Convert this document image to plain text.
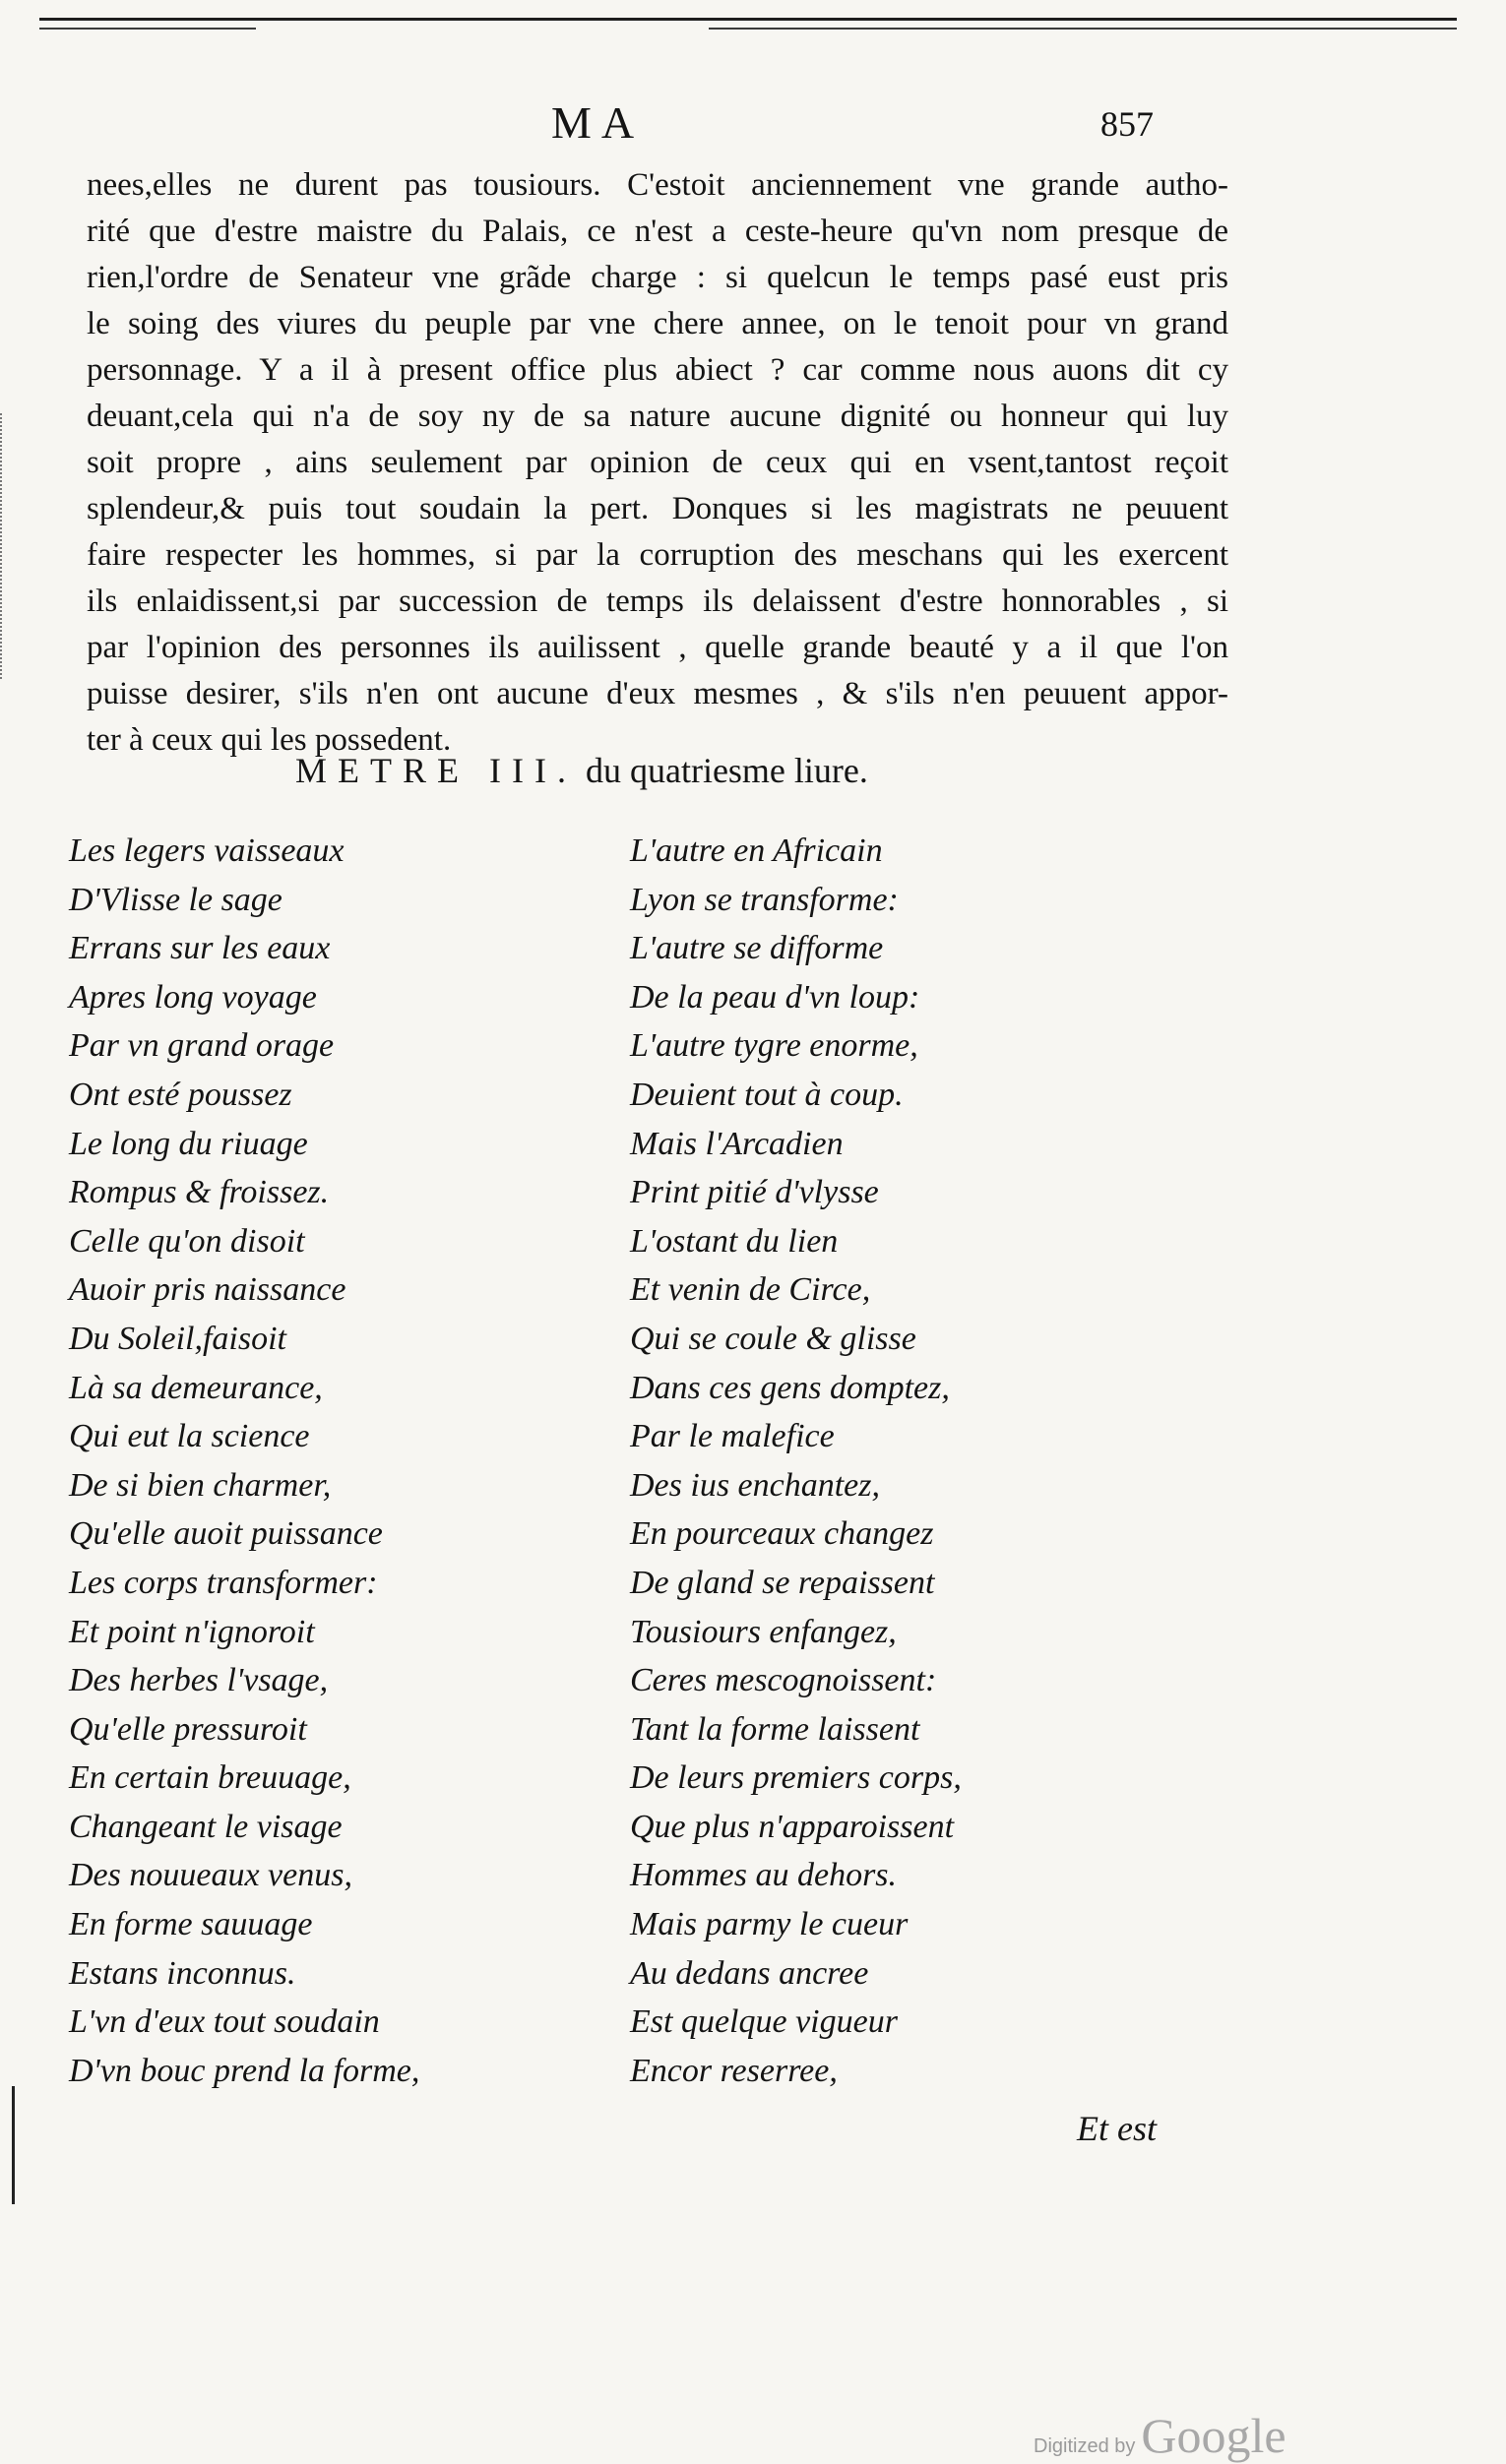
MA	857
nees,elles ne durent pas tousiours. C'estoit anciennement vne grande autho-
rité que d'estre maistre du Palais, ce n'est a ceste-heure qu'vn nom presque de
rien,l'ordre de Senateur vne grãde charge : si quelcun le temps pasé eust pris
le soing des viures du peuple par vne chere annee, on le tenoit pour vn grand
personnage. Y a il à present office plus abiect ? car comme nous auons dit cy
deuant,cela qui n'a de soy ny de sa nature aucune dignité ou honneur qui luy
soit propre , ains seulement par opinion de ceux qui en vsent,tantost reçoit
splendeur,& puis tout soudain la pert. Donques si les magistrats ne peuuent
faire respecter les hommes, si par la corruption des meschans qui les exercent
ils enlaidissent,si par succession de temps ils delaissent d'estre honnorables , si
par l'opinion des personnes ils auilissent , quelle grande beauté y a il que l'on
puisse desirer, s'ils n'en ont aucune d'eux mesmes , & s'ils n'en peuuent appor-
ter à ceux qui les possedent.
METRE III. du quatriesme liure.
Les legers vaisseaux
D'Vlisse le sage
Errans sur les eaux
Apres long voyage
Par vn grand orage
Ont esté poussez
Le long du riuage
Rompus & froissez.
Celle qu'on disoit
Auoir pris naissance
Du Soleil,faisoit
Là sa demeurance,
Qui eut la science
De si bien charmer,
Qu'elle auoit puissance
Les corps transformer:
Et point n'ignoroit
Des herbes l'vsage,
Qu'elle pressuroit
En certain breuuage,
Changeant le visage
Des nouueaux venus,
En forme sauuage
Estans inconnus.
L'vn d'eux tout soudain
D'vn bouc prend la forme,
L'autre en Africain
Lyon se transforme:
L'autre se difforme
De la peau d'vn loup:
L'autre tygre enorme,
Deuient tout à coup.
Mais l'Arcadien
Print pitié d'vlysse
L'ostant du lien
Et venin de Circe,
Qui se coule & glisse
Dans ces gens domptez,
Par le malefice
Des ius enchantez,
En pourceaux changez
De gland se repaissent
Tousiours enfangez,
Ceres mescognoissent:
Tant la forme laissent
De leurs premiers corps,
Que plus n'apparoissent
Hommes au dehors.
Mais parmy le cueur
Au dedans ancree
Est quelque vigueur
Encor reserree,
Et est
Digitized by Google
